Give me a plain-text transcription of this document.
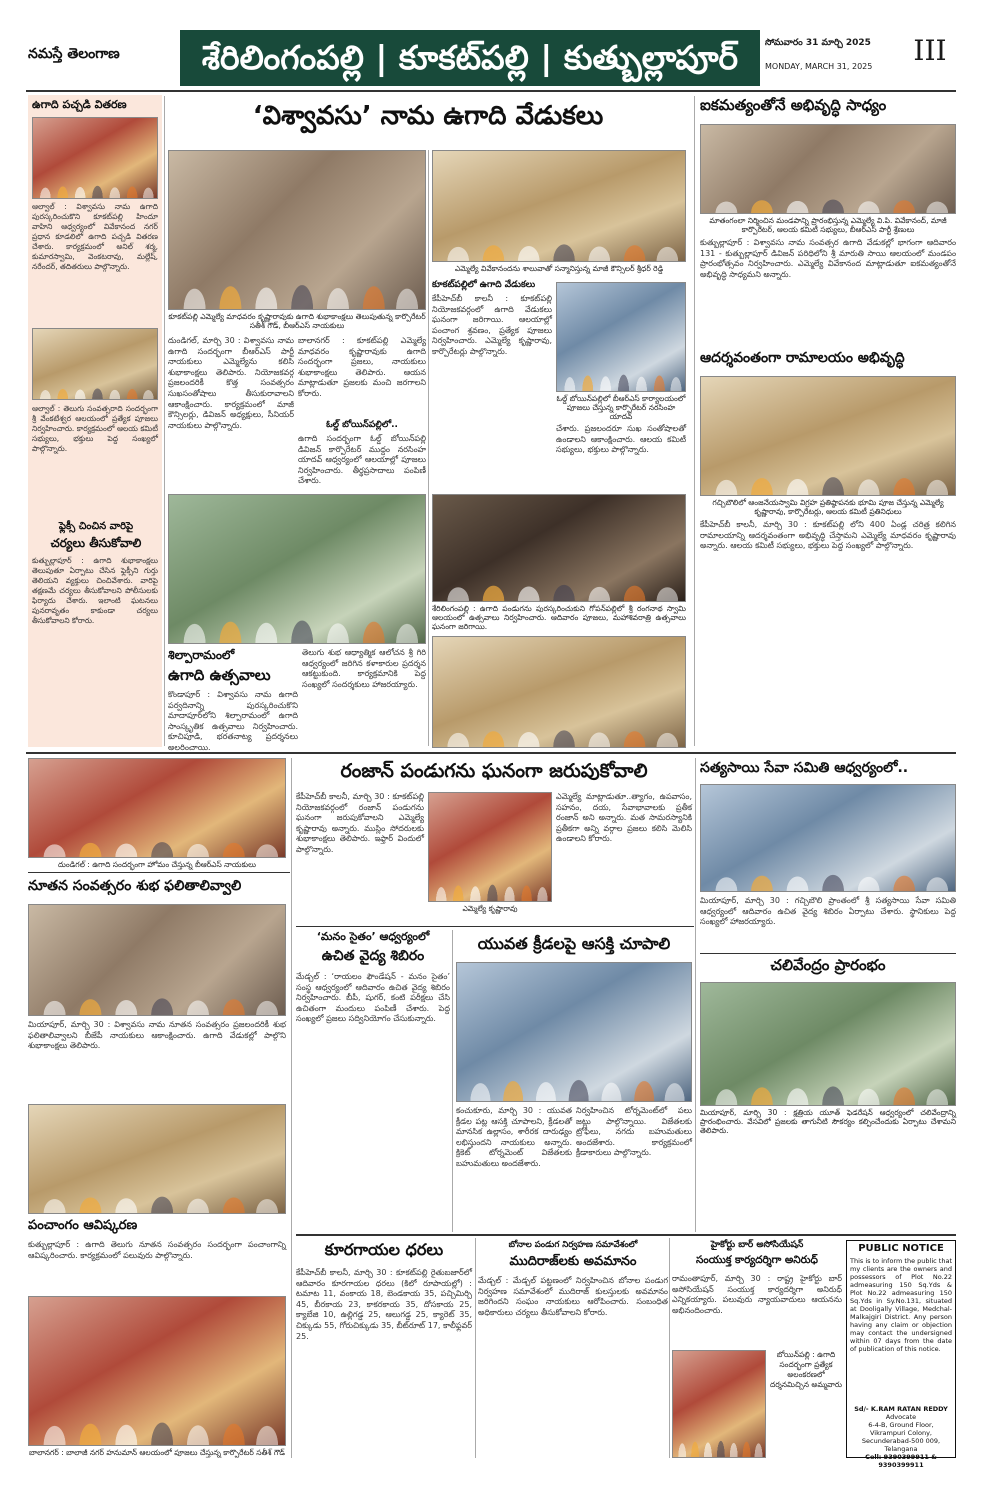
నమస్తే తెలంగాణ	శేరిలింగంపల్లి | కూకట్‌పల్లి | కుత్బుల్లాపూర్	సోమవారం 31 మార్చి 2025
MONDAY, MARCH 31, 2025	III
ఉగాది పచ్చడి వితరణ
ఆల్వాల్‌ : విశ్వావసు నామ ఉగాది పురస్కరించుకొని కూకట్‌పల్లి హిందూ వాహిని ఆధ్వర్యంలో వివేకానంద నగర్ ప్రధాన కూడలిలో ఉగాది పచ్చడి వితరణ చేశారు. కార్యక్రమంలో అనిల్ శర్మ, కుమారస్వామి, వెంకటరావు, మల్లేష్, నరేందర్, తదితరులు పాల్గొన్నారు.
ఆల్వాల్‌ : తెలుగు సంవత్సరాది సందర్భంగా శ్రీ వేంకటేశ్వర ఆలయంలో ప్రత్యేక పూజలు నిర్వహించారు. కార్యక్రమంలో ఆలయ కమిటీ సభ్యులు, భక్తులు పెద్ద సంఖ్యలో పాల్గొన్నారు.
ఫ్లెక్సీ చించిన వారిపై
చర్యలు తీసుకోవాలి
కుత్బుల్లాపూర్ : ఉగాది శుభాకాంక్షలు తెలుపుతూ ఏర్పాటు చేసిన ఫ్లెక్సీని గుర్తు తెలియని వ్యక్తులు చించివేశారు. వారిపై తక్షణమే చర్యలు తీసుకోవాలని పోలీసులకు ఫిర్యాదు చేశారు. ఇలాంటి ఘటనలు పునరావృతం కాకుండా చర్యలు తీసుకోవాలని కోరారు.
‘విశ్వావసు’ నామ ఉగాది వేడుకలు
కూకట్‌పల్లి ఎమ్మెల్యే మాధవరం కృష్ణారావుకు ఉగాది శుభాకాంక్షలు తెలుపుతున్న కార్పొరేటర్ సతీశ్ గౌడ్, బీఆర్ఎస్ నాయకులు
ఎమ్మెల్యే వివేకానందను శాలువాతో సన్మానిస్తున్న మాజీ కౌన్సిలర్ శ్రీధర్ రెడ్డి
దుండిగల్, మార్చి 30 : విశ్వావసు నామ ఉగాది సందర్భంగా బీఆర్ఎస్ పార్టీ నాయకులు ఎమ్మెల్యేను కలిసి శుభాకాంక్షలు తెలిపారు. నియోజకవర్గ ప్రజలందరికీ కొత్త సంవత్సరం సుఖసంతోషాలు తీసుకురావాలని ఆకాంక్షించారు. కార్యక్రమంలో మాజీ కౌన్సిలర్లు, డివిజన్ అధ్యక్షులు, సీనియర్ నాయకులు పాల్గొన్నారు.
బాలానగర్ : కూకట్‌పల్లి ఎమ్మెల్యే మాధవరం కృష్ణారావుకు ఉగాది సందర్భంగా ప్రజలు, నాయకులు శుభాకాంక్షలు తెలిపారు. ఆయన మాట్లాడుతూ ప్రజలకు మంచి జరగాలని కోరారు.
ఓల్డ్ బోయిన్‌పల్లిలో..
ఉగాది సందర్భంగా ఓల్డ్ బోయిన్‌పల్లి డివిజన్ కార్పొరేటర్ ముద్దం నరసింహ యాదవ్ ఆధ్వర్యంలో ఆలయాల్లో పూజలు నిర్వహించారు. తీర్థప్రసాదాలు పంపిణీ చేశారు.
కూకట్‌పల్లిలో ఉగాది వేడుకలు
కేపీహెచ్‌బీ కాలనీ : కూకట్‌పల్లి నియోజకవర్గంలో ఉగాది వేడుకలు ఘనంగా జరిగాయి. ఆలయాల్లో పంచాంగ శ్రవణం, ప్రత్యేక పూజలు నిర్వహించారు. ఎమ్మెల్యే కృష్ణారావు, కార్పొరేటర్లు పాల్గొన్నారు.
ఓల్డ్ బోయిన్‌పల్లిలో బీఆర్ఎస్ కార్యాలయంలో పూజలు చేస్తున్న కార్పొరేటర్ నరసింహ యాదవ్
చేశారు. ప్రజలందరూ సుఖ సంతోషాలతో ఉండాలని ఆకాంక్షించారు. ఆలయ కమిటీ సభ్యులు, భక్తులు పాల్గొన్నారు.
శిల్పారామంలో
ఉగాది ఉత్సవాలు
కొండాపూర్ : విశ్వావసు నామ ఉగాది పర్వదినాన్ని పురస్కరించుకొని మాదాపూర్‌లోని శిల్పారామంలో ఉగాది సాంస్కృతిక ఉత్సవాలు నిర్వహించారు. కూచిపూడి, భరతనాట్య ప్రదర్శనలు అలరించాయి.
తెలుగు శుభ ఆధ్యాత్మిక ఆలోచన శ్రీ గిరి ఆధ్వర్యంలో జరిగిన కళాకారుల ప్రదర్శన ఆకట్టుకుంది. కార్యక్రమానికి పెద్ద సంఖ్యలో సందర్శకులు హాజరయ్యారు.
శేరిలింగంపల్లి : ఉగాది పండుగను పురస్కరించుకుని గోపన్‌పల్లిలో శ్రీ రంగనాథ స్వామి ఆలయంలో ఉత్సవాలు నిర్వహించారు. ఆదివారం పూజలు, మహాశివరాత్రి ఉత్సవాలు ఘనంగా జరిగాయి.
ఐకమత్యంతోనే అభివృద్ధి సాధ్యం
మాతంగంలా నిర్మించిన మండపాన్ని ప్రారంభిస్తున్న ఎమ్మెల్యే వి.పి. వివేకానంద్, మాజీ కార్పొరేటర్, ఆలయ కమిటీ సభ్యులు, బీఆర్ఎస్ పార్టీ శ్రేణులు
కుత్బుల్లాపూర్ : విశ్వావసు నామ సంవత్సర ఉగాది వేడుకల్లో భాగంగా ఆదివారం 131 - కుత్బుల్లాపూర్ డివిజన్ పరిధిలోని శ్రీ మారుతి సాయి ఆలయంలో మండపం ప్రారంభోత్సవం నిర్వహించారు. ఎమ్మెల్యే వివేకానంద మాట్లాడుతూ ఐకమత్యంతోనే అభివృద్ధి సాధ్యమని అన్నారు.
ఆదర్శవంతంగా రామాలయం అభివృద్ధి
గచ్చిబౌలిలో ఆంజనేయస్వామి విగ్రహ ప్రతిష్ఠాపనకు భూమి పూజ చేస్తున్న ఎమ్మెల్యే కృష్ణారావు, కార్పొరేటర్లు, ఆలయ కమిటీ ప్రతినిధులు
కేపీహెచ్‌బీ కాలనీ, మార్చి 30 : కూకట్‌పల్లి లోని 400 ఏండ్ల చరిత్ర కలిగిన రామాలయాన్ని ఆదర్శవంతంగా అభివృద్ధి చేస్తామని ఎమ్మెల్యే మాధవరం కృష్ణారావు అన్నారు. ఆలయ కమిటీ సభ్యులు, భక్తులు పెద్ద సంఖ్యలో పాల్గొన్నారు.
దుండిగల్ : ఉగాది సందర్భంగా హోమం చేస్తున్న బీఆర్ఎస్ నాయకులు
రంజాన్ పండుగను ఘనంగా జరుపుకోవాలి
కేపీహెచ్‌బీ కాలనీ, మార్చి 30 : కూకట్‌పల్లి నియోజకవర్గంలో రంజాన్ పండుగను ఘనంగా జరుపుకోవాలని ఎమ్మెల్యే కృష్ణారావు అన్నారు. ముస్లిం సోదరులకు శుభాకాంక్షలు తెలిపారు. ఇఫ్తార్ విందులో పాల్గొన్నారు.
ఎమ్మెల్యే కృష్ణారావు
ఎమ్మెల్యే మాట్లాడుతూ..త్యాగం, ఉపవాసం, సహనం, దయ, సేవాభావాలకు ప్రతీక రంజాన్ అని అన్నారు. మత సామరస్యానికి ప్రతీకగా అన్ని వర్గాల ప్రజలు కలిసి మెలిసి ఉండాలని కోరారు.
సత్యసాయి సేవా సమితి ఆధ్వర్యంలో..
మియాపూర్, మార్చి 30 : గచ్చిబౌలి ప్రాంతంలో శ్రీ సత్యసాయి సేవా సమితి ఆధ్వర్యంలో ఆదివారం ఉచిత వైద్య శిబిరం ఏర్పాటు చేశారు. స్థానికులు పెద్ద సంఖ్యలో హాజరయ్యారు.
చలివేంద్రం ప్రారంభం
మియాపూర్, మార్చి 30 : క్షత్రియ యూత్ ఫెడరేషన్ ఆధ్వర్యంలో చలివేంద్రాన్ని ప్రారంభించారు. వేసవిలో ప్రజలకు తాగునీటి సౌకర్యం కల్పించేందుకు ఏర్పాటు చేశామని తెలిపారు.
నూతన సంవత్సరం శుభ ఫలితాలివ్వాలి
మియాపూర్, మార్చి 30 : విశ్వావసు నామ నూతన సంవత్సరం ప్రజలందరికీ శుభ ఫలితాలివ్వాలని బీజేపీ నాయకులు ఆకాంక్షించారు. ఉగాది వేడుకల్లో పాల్గొని శుభాకాంక్షలు తెలిపారు.
పంచాంగం ఆవిష్కరణ
కుత్బుల్లాపూర్ : ఉగాది తెలుగు నూతన సంవత్సరం సందర్భంగా పంచాంగాన్ని ఆవిష్కరించారు. కార్యక్రమంలో పలువురు పాల్గొన్నారు.
బాలానగర్ : బాలాజీ నగర్ హనుమాన్ ఆలయంలో పూజలు చేస్తున్న కార్పొరేటర్ సతీశ్ గౌడ్
‘మనం సైతం’ ఆధ్వర్యంలో
ఉచిత వైద్య శిబిరం
మేడ్చల్ : ‘రాయలం ఫౌండేషన్ - మనం సైతం’ సంస్థ ఆధ్వర్యంలో ఆదివారం ఉచిత వైద్య శిబిరం నిర్వహించారు. బీపీ, షుగర్, కంటి పరీక్షలు చేసి ఉచితంగా మందులు పంపిణీ చేశారు. పెద్ద సంఖ్యలో ప్రజలు సద్వినియోగం చేసుకున్నారు.
యువత క్రీడలపై ఆసక్తి చూపాలి
కంచుకూరు, మార్చి 30 : యువత క్రీడల పట్ల ఆసక్తి చూపాలని, క్రీడలతో మానసిక ఉల్లాసం, శారీరక దారుఢ్యం లభిస్తుందని నాయకులు అన్నారు. క్రికెట్ టోర్నమెంట్ విజేతలకు బహుమతులు అందజేశారు.
నిర్వహించిన టోర్నమెంట్‌లో పలు జట్లు పాల్గొన్నాయి. విజేతలకు ట్రోఫీలు, నగదు బహుమతులు అందజేశారు. కార్యక్రమంలో క్రీడాకారులు పాల్గొన్నారు.
కూరగాయల ధరలు
కేపీహెచ్‌బీ కాలనీ, మార్చి 30 : కూకట్‌పల్లి రైతుబజార్‌లో ఆదివారం కూరగాయల ధరలు (కిలో రూపాయల్లో) : టమాట 11, వంకాయ 18, బెండకాయ 35, పచ్చిమిర్చి 45, బీరకాయ 23, కాకరకాయ 35, దోసకాయ 25, క్యాబేజి 10, ఉల్లిగడ్డ 25, ఆలుగడ్డ 25, క్యారెట్ 35, చిక్కుడు 55, గోరుచిక్కుడు 35, బీట్‌రూట్ 17, కాలీఫ్లవర్ 25.
బోనాల పండుగ నిర్వహణ సమావేశంలో
ముదిరాజ్‌లకు అవమానం
మేడ్చల్ : మేడ్చల్ పట్టణంలో నిర్వహించిన బోనాల పండుగ నిర్వహణ సమావేశంలో ముదిరాజ్ కులస్తులకు అవమానం జరిగిందని సంఘం నాయకులు ఆరోపించారు. సంబంధిత అధికారులు చర్యలు తీసుకోవాలని కోరారు.
హైకోర్టు బార్ అసోసియేషన్
సంయుక్త కార్యదర్శిగా అనిరుధ్
రామంతాపూర్, మార్చి 30 : రాష్ట్ర హైకోర్టు బార్ అసోసియేషన్ సంయుక్త కార్యదర్శిగా అనిరుధ్ ఎన్నికయ్యారు. పలువురు న్యాయవాదులు ఆయనను అభినందించారు.
బోయిన్‌పల్లి : ఉగాది సందర్భంగా ప్రత్యేక అలంకరణలో దర్శనమిచ్చిన అమ్మవారు
PUBLIC NOTICE
This is to inform the public that my clients are the owners and possessors of Plot No.22 admeasuring 150 Sq.Yds & Plot No.22 admeasuring 150 Sq.Yds in Sy.No.131, situated at Dooligally Village, Medchal-Malkajgiri District. Any person having any claim or objection may contact the undersigned within 07 days from the date of publication of this notice.
Sd/- K.RAM RATAN REDDY
Advocate
6-4-B, Ground Floor, Vikrampuri Colony, Secunderabad-500 009, Telangana
Cell: 9390399911 & 9390399911
